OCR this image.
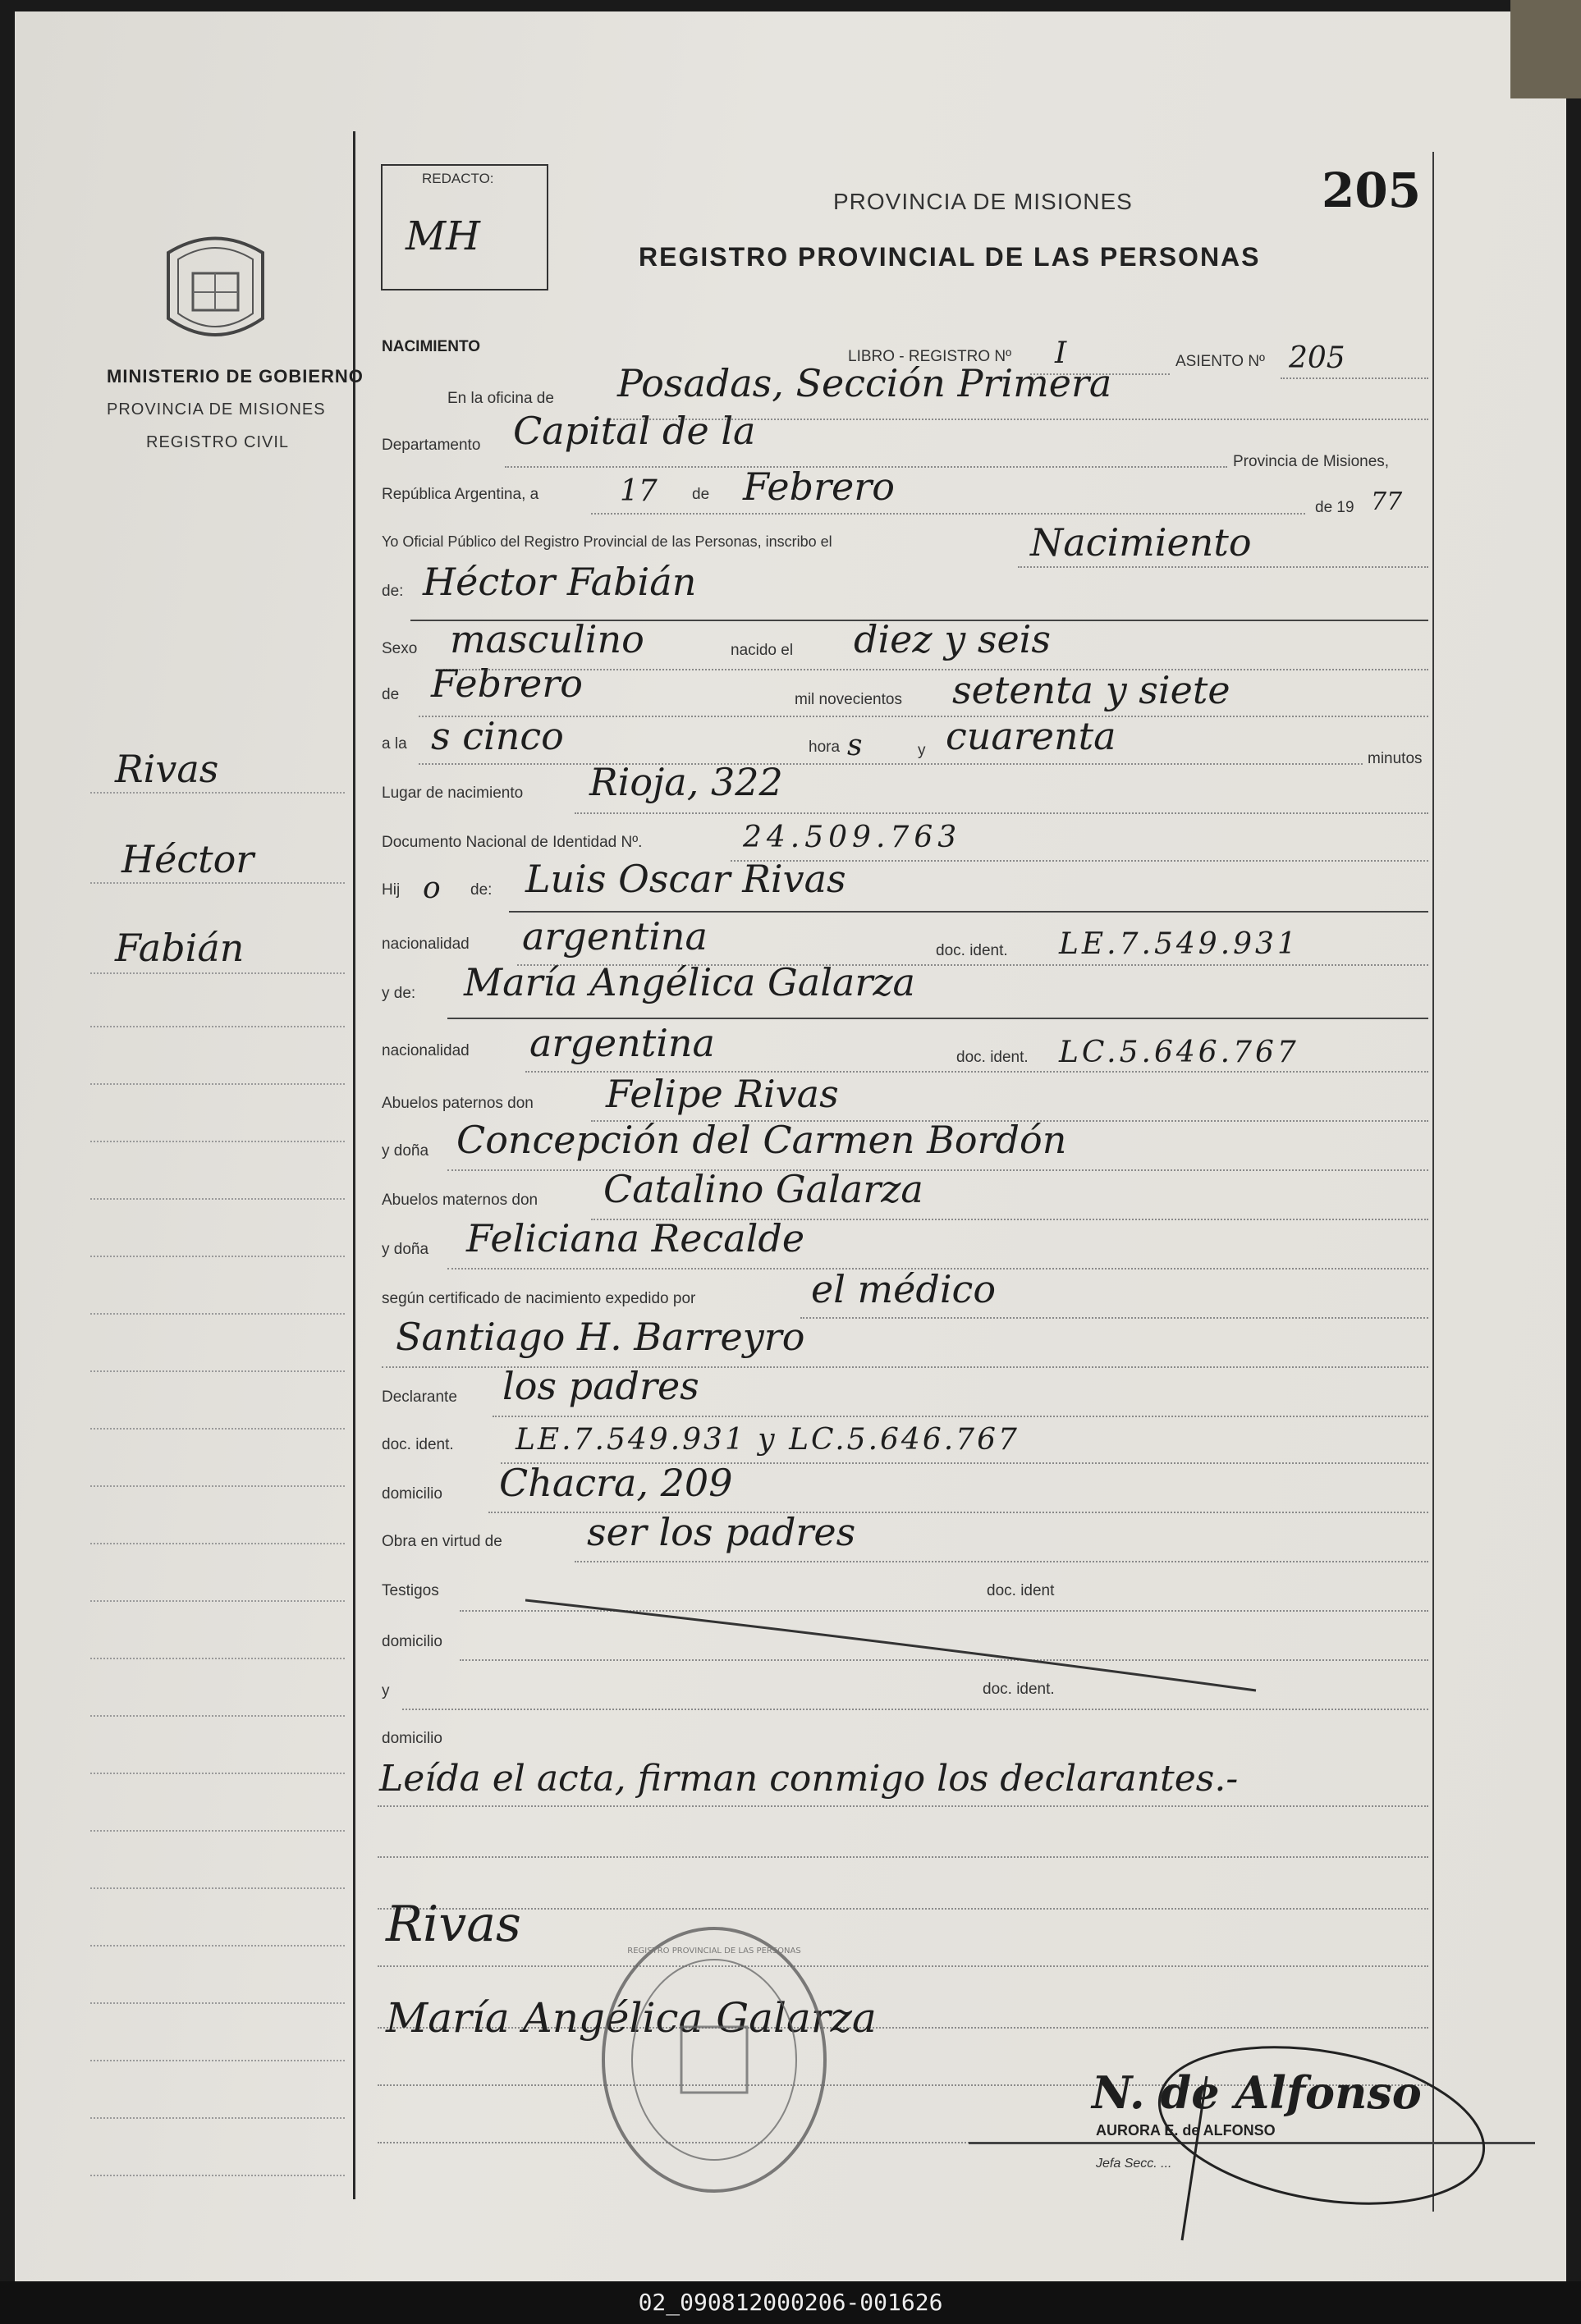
MINISTERIO DE GOBIERNO
PROVINCIA DE MISIONES
REGISTRO CIVIL
Rivas
Héctor
Fabián
REDACTO:
MH
PROVINCIA DE MISIONES
REGISTRO PROVINCIAL DE LAS PERSONAS
205
NACIMIENTO
LIBRO - REGISTRO Nº I	ASIENTO Nº 205
En la oficina de Posadas, Sección Primera
Departamento Capital de la
Provincia de Misiones,
República Argentina, a	17 de Febrero	de 19 77
Yo Oficial Público del Registro Provincial de las Personas, inscribo el	Nacimiento
de: Héctor Fabián
Sexo masculino	nacido el diez y seis
de Febrero	mil novecientos setenta y siete
a la s cinco	hora s	y cuarenta
minutos
Lugar de nacimiento Rioja, 322
Documento Nacional de Identidad Nº.	24.509.763
Hij o de: Luis Oscar Rivas
nacionalidad argentina	doc. ident. LE.7.549.931
y de: María Angélica Galarza
nacionalidad argentina	doc. ident. LC.5.646.767
Abuelos paternos don Felipe Rivas
y doña Concepción del Carmen Bordón
Abuelos maternos don Catalino Galarza
y doña Feliciana Recalde
según certificado de nacimiento expedido por	el médico
Santiago H. Barreyro
Declarante los padres
doc. ident. LE.7.549.931 y LC.5.646.767
domicilio Chacra, 209
Obra en virtud de ser los padres
Testigos	doc. ident
domicilio
y	doc. ident.
domicilio
Leída el acta, firman conmigo los declarantes.-
Rivas
María Angélica Galarza
REGISTRO PROVINCIAL DE LAS PERSONAS
N. de Alfonso
AURORA E. de ALFONSO
Jefa Secc. ...
02_090812000206-001626
